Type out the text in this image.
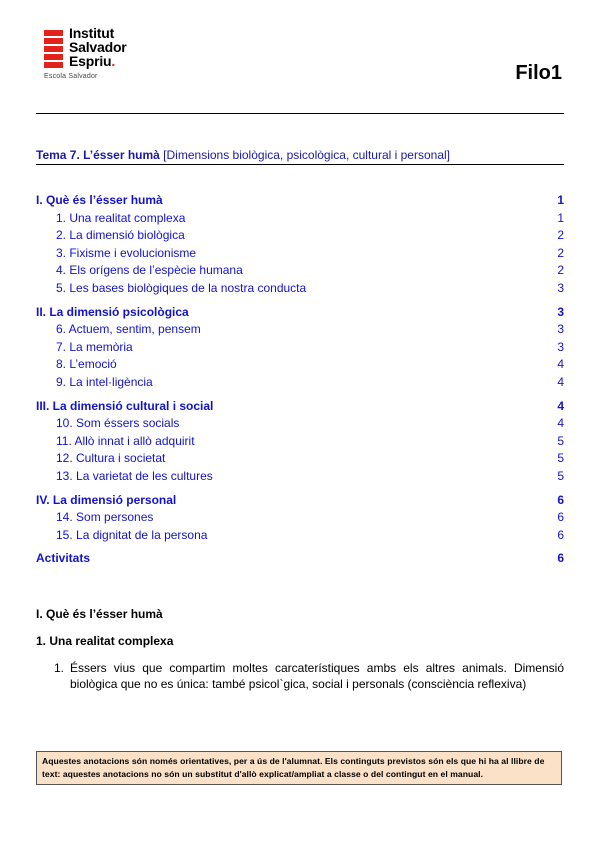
Institut
Salvador
Espriu.
Escola Salvador	Filo1
Tema 7. L’ésser humà [Dimensions biològica, psicològica, cultural i personal]
I. Què és l’ésser humà	1
1. Una realitat complexa	1
2. La dimensió biològica	2
3. Fixisme i evolucionisme	2
4. Els orígens de l’espècie humana	2
5. Les bases biològiques de la nostra conducta	3
II. La dimensió psicològica	3
6. Actuem, sentim, pensem	3
7. La memòria	3
8. L’emoció	4
9. La intel·ligència	4
III. La dimensió cultural i social	4
10. Som éssers socials	4
11. Allò innat i allò adquirit	5
12. Cultura i societat	5
13. La varietat de les cultures	5
IV. La dimensió personal	6
14. Som persones	6
15. La dignitat de la persona	6
Activitats	6
I. Què és l’ésser humà
1. Una realitat complexa
1. Éssers vius que compartim moltes carcaterístiques ambs els altres animals. Dimensió biològica que no es única: també psicol`gica, social i personals (consciència reflexiva)
Aquestes anotacions són només orientatives, per a ús de l'alumnat. Els continguts previstos són els que hi ha al llibre de text: aquestes anotacions no són un substitut d'allò explicat/ampliat a classe o del contingut en el manual.
